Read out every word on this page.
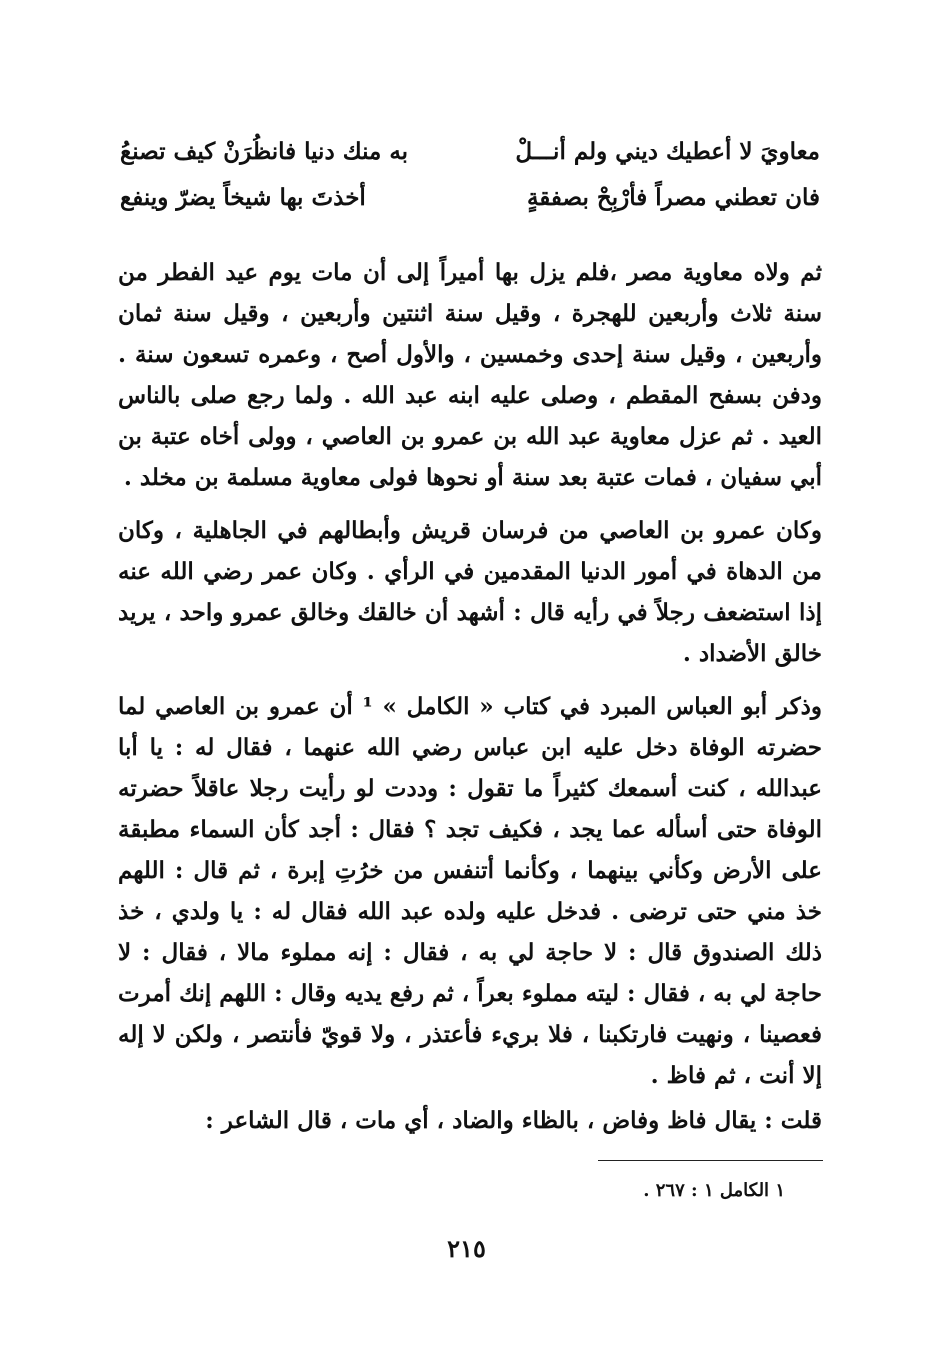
معاويَ لا أعطيك ديني ولم أنـــلْ
به منك دنيا فانظُرَنْ كيف تصنعُ
فان تعطني مصراً فأرْبِحْ بصفقةٍ
أخذتَ بها شيخاً يضرّ وينفع

ثم ولاه معاوية مصر ،فلم يزل بها أميراً إلى أن مات يوم عيد الفطر من سنة ثلاث وأربعين للهجرة ، وقيل سنة اثنتين وأربعين ، وقيل سنة ثمان وأربعين ، وقيل سنة إحدى وخمسين ، والأول أصح ، وعمره تسعون سنة . ودفن بسفح المقطم ، وصلى عليه ابنه عبد الله . ولما رجع صلى بالناس العيد . ثم عزل معاوية عبد الله بن عمرو بن العاصي ، وولى أخاه عتبة بن أبي سفيان ، فمات عتبة بعد سنة أو نحوها فولى معاوية مسلمة بن مخلد .

وكان عمرو بن العاصي من فرسان قريش وأبطالهم في الجاهلية ، وكان من الدهاة في أمور الدنيا المقدمين في الرأي . وكان عمر رضي الله عنه إذا استضعف رجلاً في رأيه قال : أشهد أن خالقك وخالق عمرو واحد ، يريد خالق الأضداد .

وذكر أبو العباس المبرد في كتاب « الكامل » ¹ أن عمرو بن العاصي لما حضرته الوفاة دخل عليه ابن عباس رضي الله عنهما ، فقال له : يا أبا عبدالله ، كنت أسمعك كثيراً ما تقول : وددت لو رأيت رجلا عاقلاً حضرته الوفاة حتى أسأله عما يجد ، فكيف تجد ؟ فقال : أجد كأن السماء مطبقة على الأرض وكأني بينهما ، وكأنما أتنفس من خرُتِ إبرة ، ثم قال : اللهم خذ مني حتى ترضى . فدخل عليه ولده عبد الله فقال له : يا ولدي ، خذ ذلك الصندوق قال : لا حاجة لي به ، فقال : إنه مملوء مالا ، فقال : لا حاجة لي به ، فقال : ليته مملوء بعراً ، ثم رفع يديه وقال : اللهم إنك أمرت فعصينا ، ونهيت فارتكبنا ، فلا بريء فأعتذر ، ولا قويّ فأنتصر ، ولكن لا إله إلا أنت ، ثم فاظ .

قلت : يقال فاظ وفاض ، بالظاء والضاد ، أي مات ، قال الشاعر :

١ الكامل ١ : ٢٦٧ .
٢١٥
